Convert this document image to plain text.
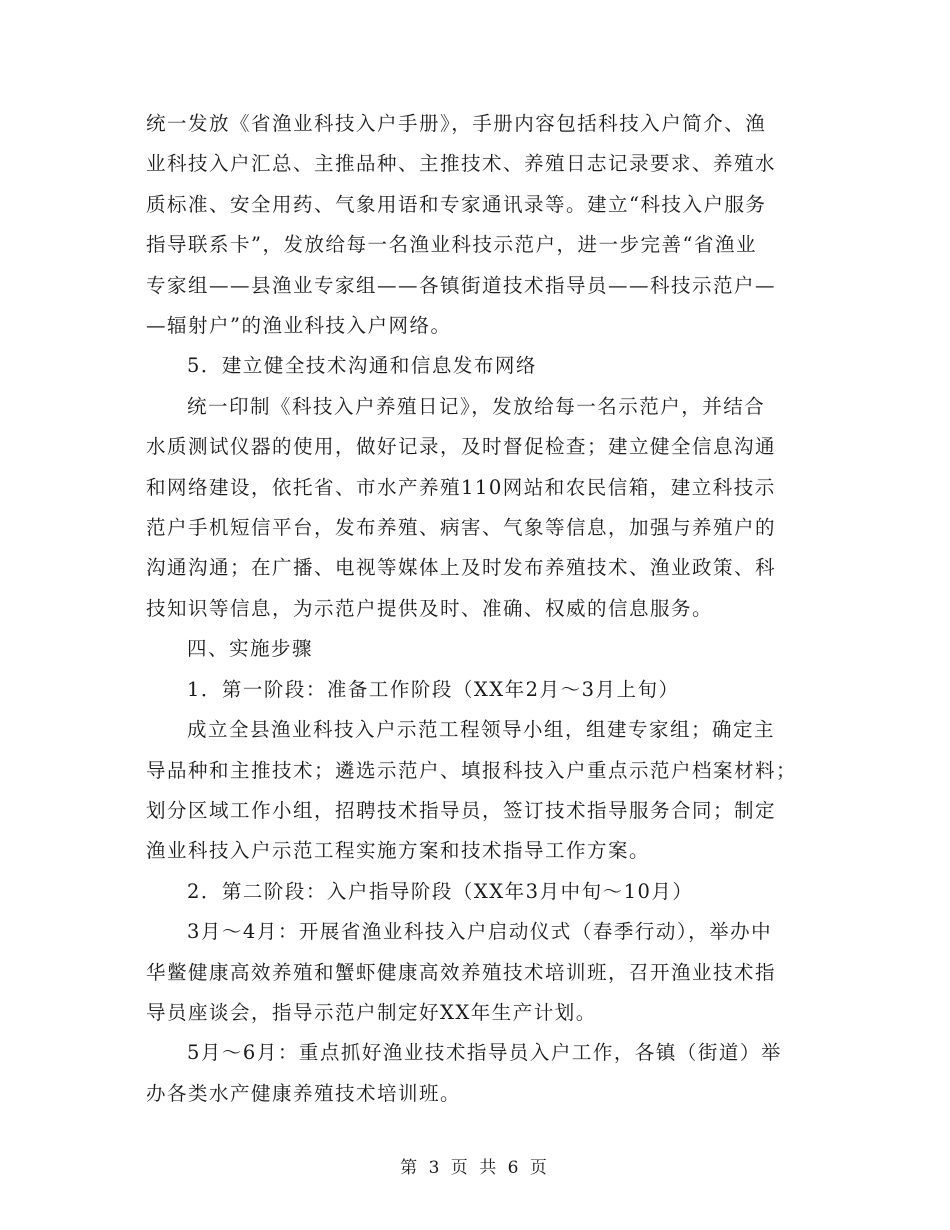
统一发放《省渔业科技入户手册》，手册内容包括科技入户简介、渔
业科技入户汇总、主推品种、主推技术、养殖日志记录要求、养殖水
质标准、安全用药、气象用语和专家通讯录等。建立“科技入户服务
指导联系卡”，发放给每一名渔业科技示范户，进一步完善“省渔业
专家组——县渔业专家组——各镇街道技术指导员——科技示范户—
—辐射户”的渔业科技入户网络。

5．建立健全技术沟通和信息发布网络

统一印制《科技入户养殖日记》，发放给每一名示范户，并结合
水质测试仪器的使用，做好记录，及时督促检查；建立健全信息沟通
和网络建设，依托省、市水产养殖110网站和农民信箱，建立科技示
范户手机短信平台，发布养殖、病害、气象等信息，加强与养殖户的
沟通沟通；在广播、电视等媒体上及时发布养殖技术、渔业政策、科
技知识等信息，为示范户提供及时、准确、权威的信息服务。

四、实施步骤

1．第一阶段：准备工作阶段（XX年2月～3月上旬）

成立全县渔业科技入户示范工程领导小组，组建专家组；确定主
导品种和主推技术；遴选示范户、填报科技入户重点示范户档案材料；
划分区域工作小组，招聘技术指导员，签订技术指导服务合同；制定
渔业科技入户示范工程实施方案和技术指导工作方案。

2．第二阶段：入户指导阶段（XX年3月中旬～10月）

3月～4月：开展省渔业科技入户启动仪式（春季行动），举办中
华鳖健康高效养殖和蟹虾健康高效养殖技术培训班，召开渔业技术指
导员座谈会，指导示范户制定好XX年生产计划。

5月～6月：重点抓好渔业技术指导员入户工作，各镇（街道）举
办各类水产健康养殖技术培训班。

第 3 页 共 6 页
